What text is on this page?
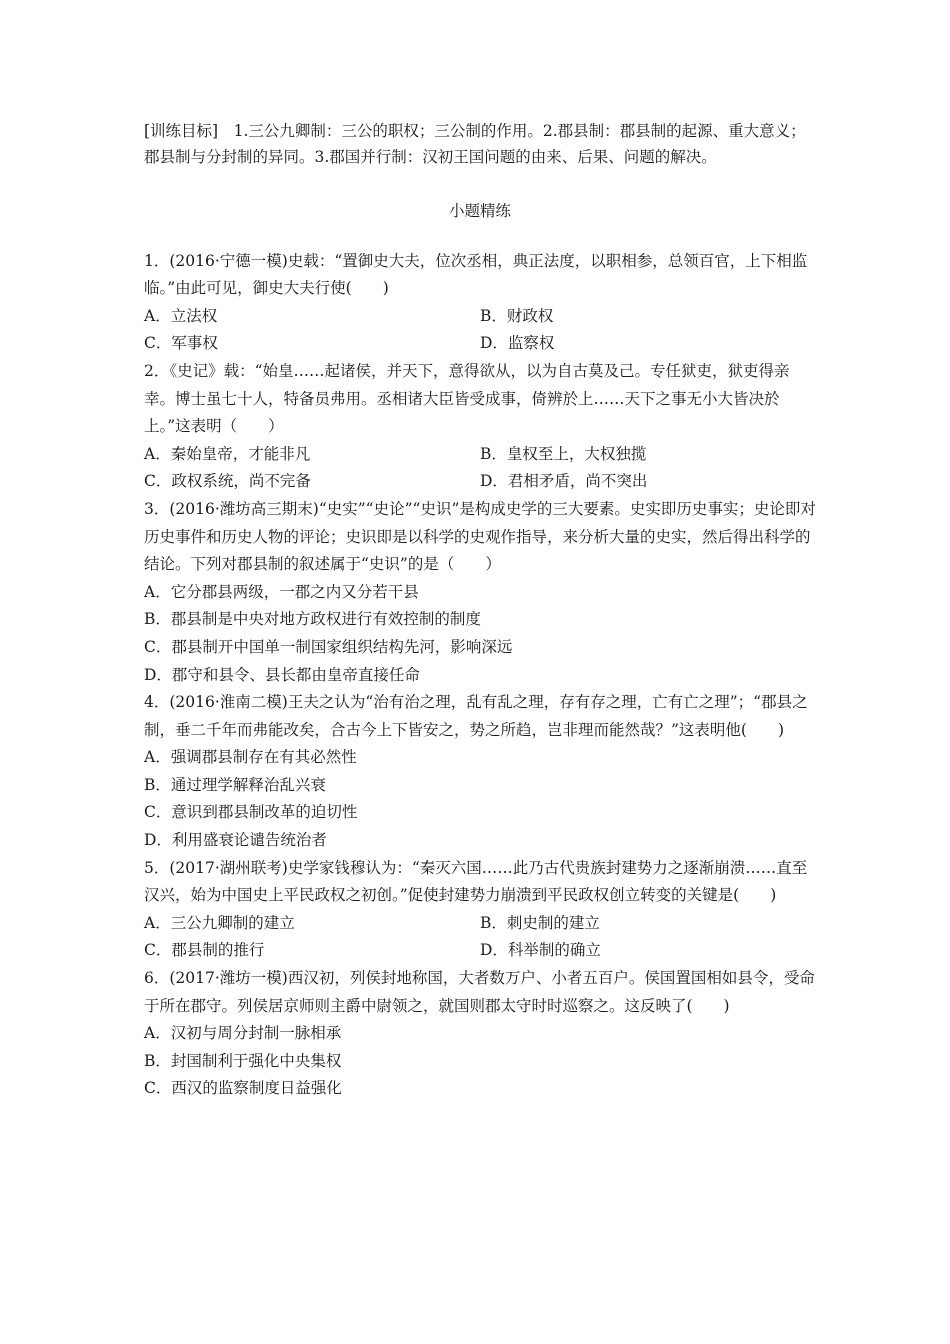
[训练目标]　1.三公九卿制：三公的职权；三公制的作用。2.郡县制：郡县制的起源、重大意义；郡县制与分封制的异同。3.郡国并行制：汉初王国问题的由来、后果、问题的解决。

小题精练

1．(2016·宁德一模)史载：“置御史大夫，位次丞相，典正法度，以职相参，总领百官，上下相监临。”由此可见，御史大夫行使(　　)

A．立法权	B．财政权

C．军事权	D．监察权

2．《史记》载：“始皇……起诸侯，并天下，意得欲从，以为自古莫及己。专任狱吏，狱吏得亲幸。博士虽七十人，特备员弗用。丞相诸大臣皆受成事，倚辨於上……天下之事无小大皆决於上。”这表明（　　）

A．秦始皇帝，才能非凡	B．皇权至上，大权独揽

C．政权系统，尚不完备	D．君相矛盾，尚不突出

3．(2016·潍坊高三期末)“史实”“史论”“史识”是构成史学的三大要素。史实即历史事实；史论即对历史事件和历史人物的评论；史识即是以科学的史观作指导，来分析大量的史实，然后得出科学的结论。下列对郡县制的叙述属于“史识”的是（　　）

A．它分郡县两级，一郡之内又分若干县

B．郡县制是中央对地方政权进行有效控制的制度

C．郡县制开中国单一制国家组织结构先河，影响深远

D．郡守和县令、县长都由皇帝直接任命

4．(2016·淮南二模)王夫之认为“治有治之理，乱有乱之理，存有存之理，亡有亡之理”；“郡县之制，垂二千年而弗能改矣，合古今上下皆安之，势之所趋，岂非理而能然哉？”这表明他(　　)

A．强调郡县制存在有其必然性

B．通过理学解释治乱兴衰

C．意识到郡县制改革的迫切性

D．利用盛衰论谴告统治者

5．(2017·湖州联考)史学家钱穆认为：“秦灭六国……此乃古代贵族封建势力之逐渐崩溃……直至汉兴，始为中国史上平民政权之初创。”促使封建势力崩溃到平民政权创立转变的关键是(　　)

A．三公九卿制的建立	B．刺史制的建立

C．郡县制的推行	D．科举制的确立

6．(2017·潍坊一模)西汉初，列侯封地称国，大者数万户、小者五百户。侯国置国相如县令，受命于所在郡守。列侯居京师则主爵中尉领之，就国则郡太守时时巡察之。这反映了(　　)

A．汉初与周分封制一脉相承

B．封国制利于强化中央集权

C．西汉的监察制度日益强化
